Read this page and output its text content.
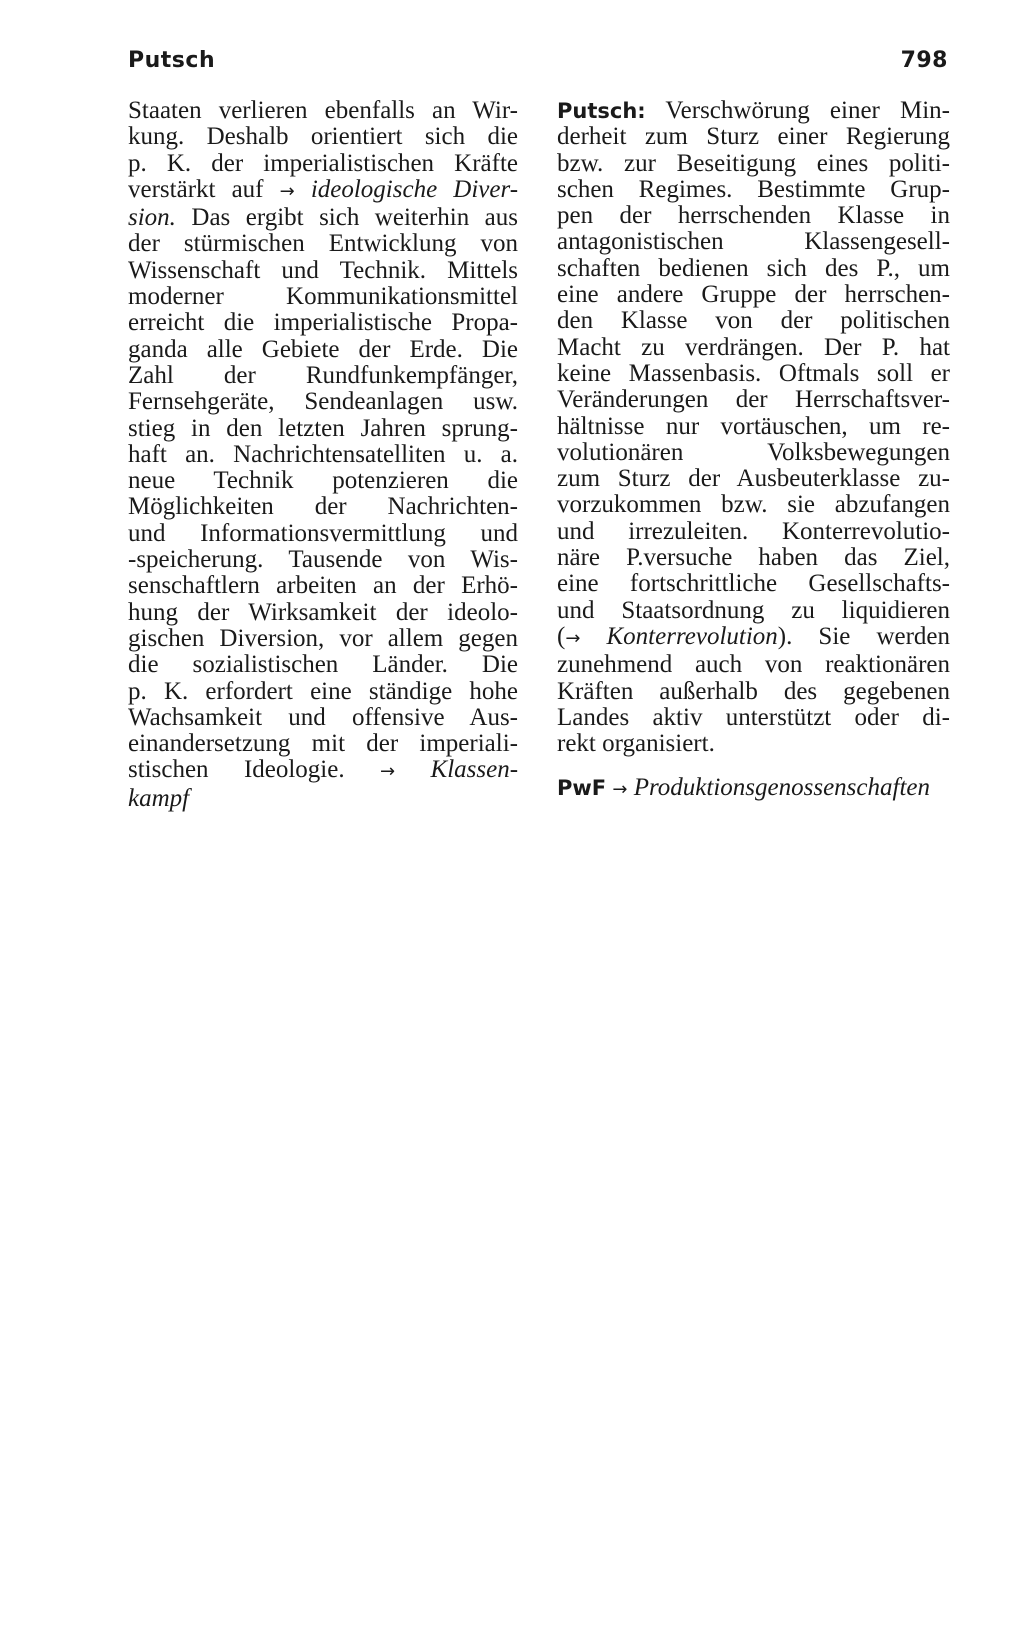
Putsch	798
Staaten verlieren ebenfalls an Wir-
kung. Deshalb orientiert sich die
p. K. der imperialistischen Kräfte
verstärkt auf → ideologische Diver-
sion. Das ergibt sich weiterhin aus
der stürmischen Entwicklung von
Wissenschaft und Technik. Mittels
moderner Kommunikationsmittel
erreicht die imperialistische Propa-
ganda alle Gebiete der Erde. Die
Zahl der Rundfunkempfänger,
Fernsehgeräte, Sendeanlagen usw.
stieg in den letzten Jahren sprung-
haft an. Nachrichtensatelliten u. a.
neue Technik potenzieren die
Möglichkeiten der Nachrichten-
und Informationsvermittlung und
-speicherung. Tausende von Wis-
senschaftlern arbeiten an der Erhö-
hung der Wirksamkeit der ideolo-
gischen Diversion, vor allem gegen
die sozialistischen Länder. Die
p. K. erfordert eine ständige hohe
Wachsamkeit und offensive Aus-
einandersetzung mit der imperiali-
stischen Ideologie. → Klassen-
kampf
Putsch: Verschwörung einer Min-
derheit zum Sturz einer Regierung
bzw. zur Beseitigung eines politi-
schen Regimes. Bestimmte Grup-
pen der herrschenden Klasse in
antagonistischen Klassengesell-
schaften bedienen sich des P., um
eine andere Gruppe der herrschen-
den Klasse von der politischen
Macht zu verdrängen. Der P. hat
keine Massenbasis. Oftmals soll er
Veränderungen der Herrschaftsver-
hältnisse nur vortäuschen, um re-
volutionären Volksbewegungen
zum Sturz der Ausbeuterklasse zu-
vorzukommen bzw. sie abzufangen
und irrezuleiten. Konterrevolutio-
näre P.versuche haben das Ziel,
eine fortschrittliche Gesellschafts-
und Staatsordnung zu liquidieren
(→ Konterrevolution). Sie werden
zunehmend auch von reaktionären
Kräften außerhalb des gegebenen
Landes aktiv unterstützt oder di-
rekt organisiert.
PwF → Produktionsgenossenschaften
